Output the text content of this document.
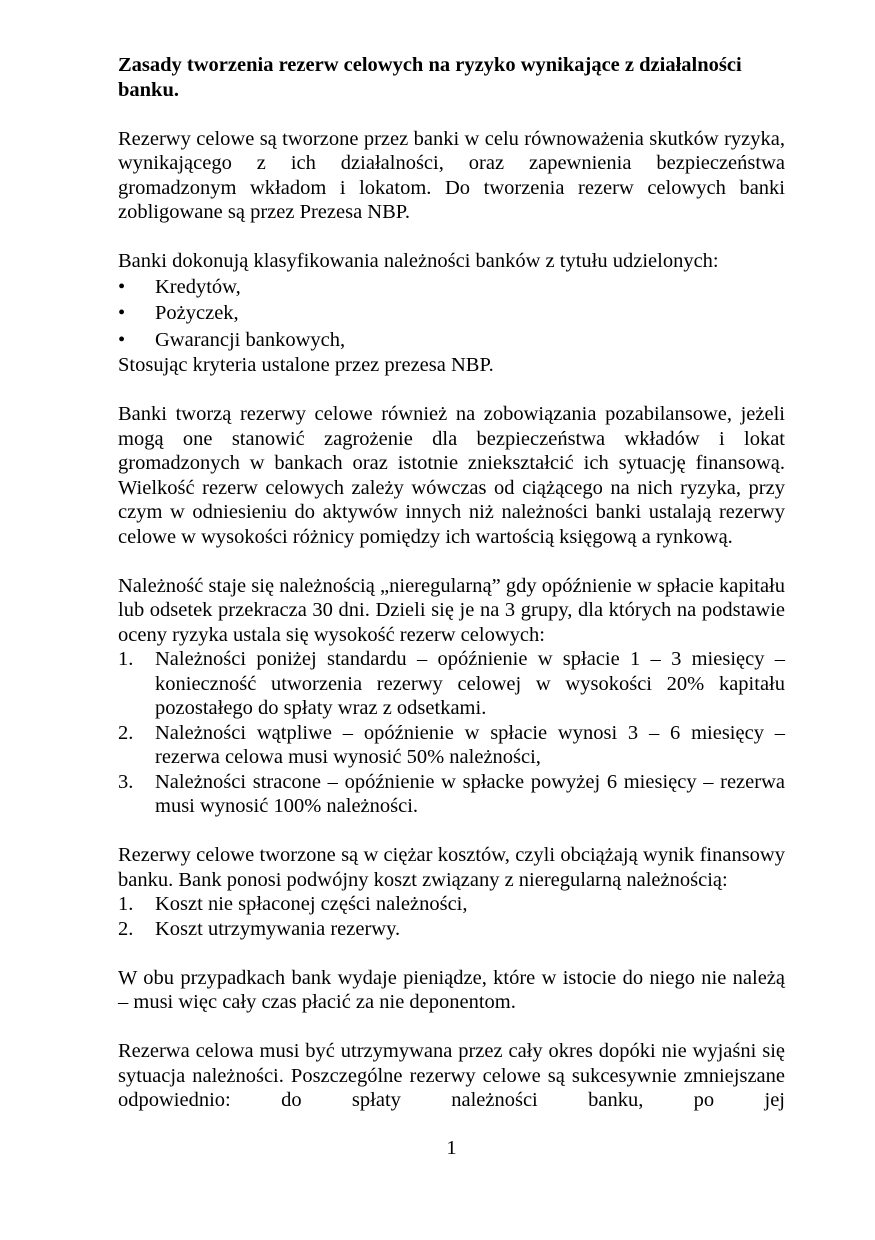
Zasady tworzenia rezerw celowych na ryzyko wynikające z działalności banku.

Rezerwy celowe są tworzone przez banki w celu równoważenia skutków ryzyka, wynikającego z ich działalności, oraz zapewnienia bezpieczeństwa gromadzonym wkładom i lokatom. Do tworzenia rezerw celowych banki zobligowane są przez Prezesa NBP.

Banki dokonują klasyfikowania należności banków z tytułu udzielonych:

•	Kredytów,
•	Pożyczek,
•	Gwarancji bankowych,

Stosując kryteria ustalone przez prezesa NBP.

Banki tworzą rezerwy celowe również na zobowiązania pozabilansowe, jeżeli mogą one stanowić zagrożenie dla bezpieczeństwa wkładów i lokat gromadzonych w bankach oraz istotnie zniekształcić ich sytuację finansową. Wielkość rezerw celowych zależy wówczas od ciążącego na nich ryzyka, przy czym w odniesieniu do aktywów innych niż należności banki ustalają rezerwy celowe w wysokości różnicy pomiędzy ich wartością księgową a rynkową.

Należność staje się należnością „nieregularną” gdy opóźnienie w spłacie kapitału lub odsetek przekracza 30 dni. Dzieli się je na 3 grupy, dla których na podstawie oceny ryzyka ustala się wysokość rezerw celowych:

1.	Należności poniżej standardu – opóźnienie w spłacie 1 – 3 miesięcy – konieczność utworzenia rezerwy celowej w wysokości 20% kapitału pozostałego do spłaty wraz z odsetkami.
2.	Należności wątpliwe – opóźnienie w spłacie wynosi 3 – 6 miesięcy – rezerwa celowa musi wynosić 50% należności,
3.	Należności stracone – opóźnienie w spłacke powyżej 6 miesięcy – rezerwa musi wynosić 100% należności.

Rezerwy celowe tworzone są w ciężar kosztów, czyli obciążają wynik finansowy banku. Bank ponosi podwójny koszt związany z nieregularną należnością:

1.	Koszt nie spłaconej części należności,
2.	Koszt utrzymywania rezerwy.

W obu przypadkach bank wydaje pieniądze, które w istocie do niego nie należą – musi więc cały czas płacić za nie deponentom.

Rezerwa celowa musi być utrzymywana przez cały okres dopóki nie wyjaśni się sytuacja należności. Poszczególne rezerwy celowe są sukcesywnie zmniejszane odpowiednio: do spłaty należności banku, po jej

1
